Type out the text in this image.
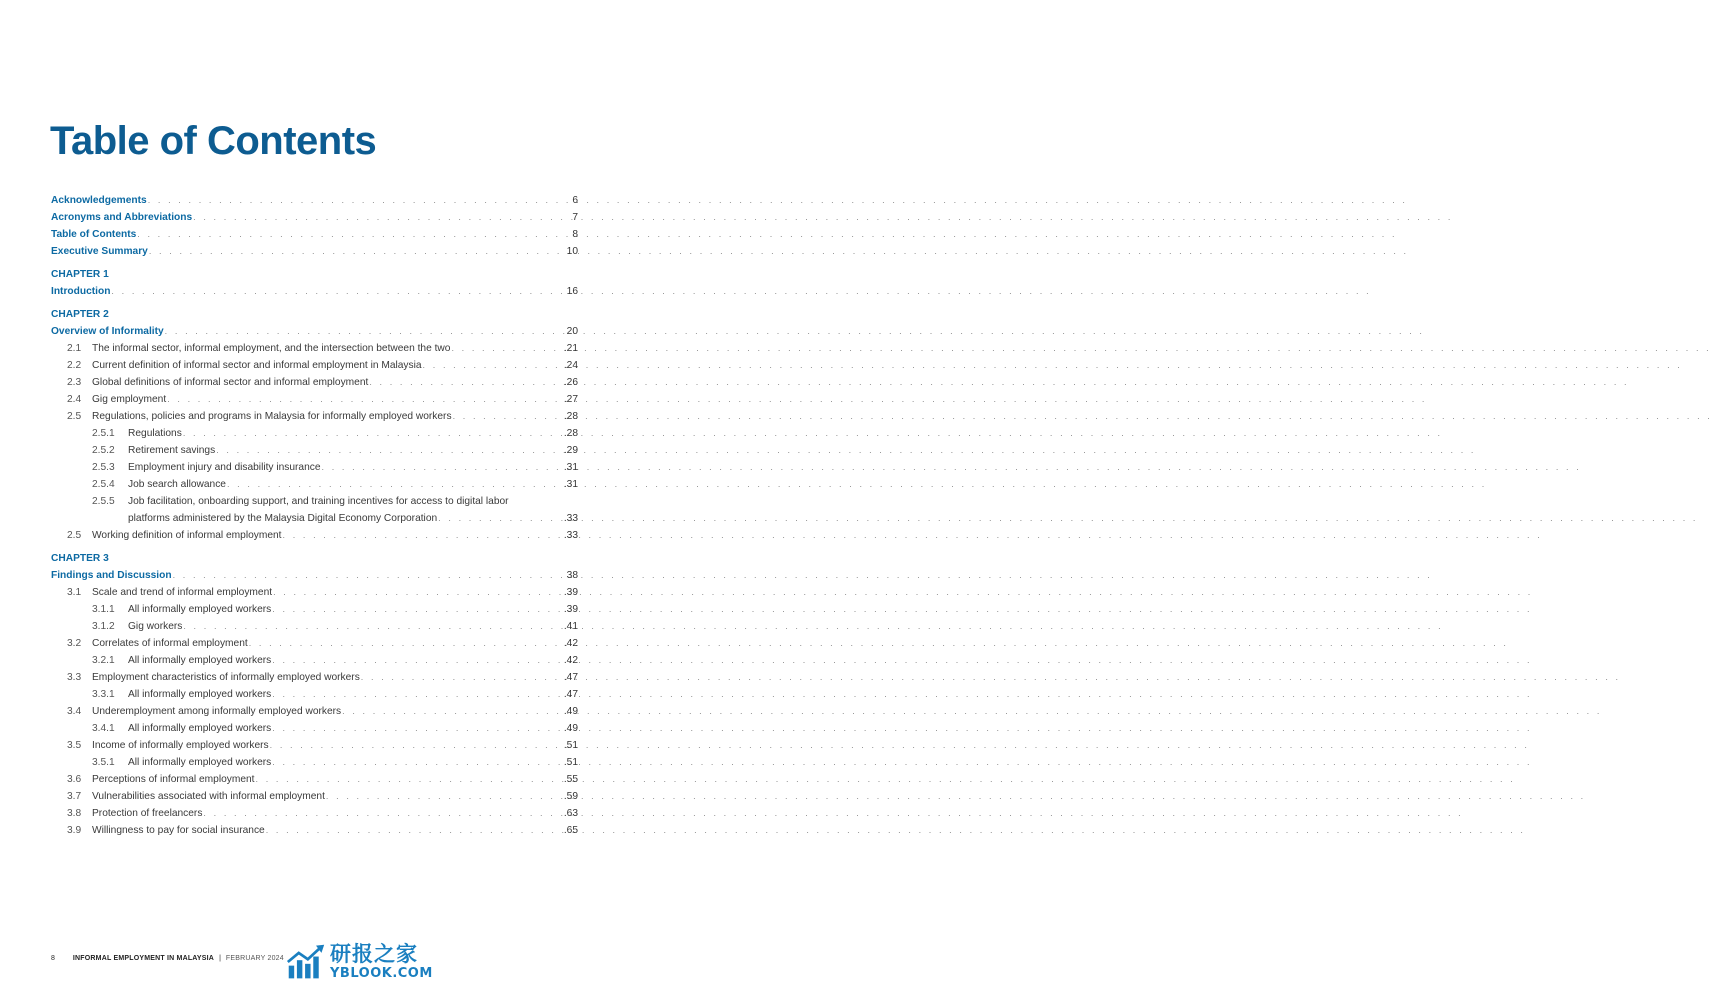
Table of Contents
Acknowledgements . . .	6
Acronyms and Abbreviations . . .	7
Table of Contents . . .	8
Executive Summary . . .	10
CHAPTER 1
Introduction . . .	16
CHAPTER 2
Overview of Informality . . .	20
2.1	The informal sector, informal employment, and the intersection between the two . . .	.21
2.2	Current definition of informal sector and informal employment in Malaysia . . .	.24
2.3	Global definitions of informal sector and informal employment . . .	.26
2.4	Gig employment . . .	.27
2.5	Regulations, policies and programs in Malaysia for informally employed workers . . .	.28
2.5.1	Regulations . . .	.28
2.5.2	Retirement savings . . .	.29
2.5.3	Employment injury and disability insurance . . .	.31
2.5.4	Job search allowance . . .	.31
2.5.5	Job facilitation, onboarding support, and training incentives for access to digital labor
platforms administered by the Malaysia Digital Economy Corporation . . .	.33
2.5	Working definition of informal employment . . .	.33
CHAPTER 3
Findings and Discussion . . .	38
3.1	Scale and trend of informal employment . . .	.39
3.1.1	All informally employed workers . . .	.39
3.1.2	Gig workers . . .	.41
3.2	Correlates of informal employment . . .	.42
3.2.1	All informally employed workers . . .	.42
3.3	Employment characteristics of informally employed workers . . .	.47
3.3.1	All informally employed workers . . .	.47
3.4	Underemployment among informally employed workers . . .	.49
3.4.1	All informally employed workers . . .	.49
3.5	Income of informally employed workers . . .	.51
3.5.1	All informally employed workers . . .	.51
3.6	Perceptions of informal employment . . .	.55
3.7	Vulnerabilities associated with informal employment . . .	.59
3.8	Protection of freelancers . . .	.63
3.9	Willingness to pay for social insurance . . .	.65
8	INFORMAL EMPLOYMENT IN MALAYSIA | FEBRUARY 2024 研报之家
YBLOOK.COM
